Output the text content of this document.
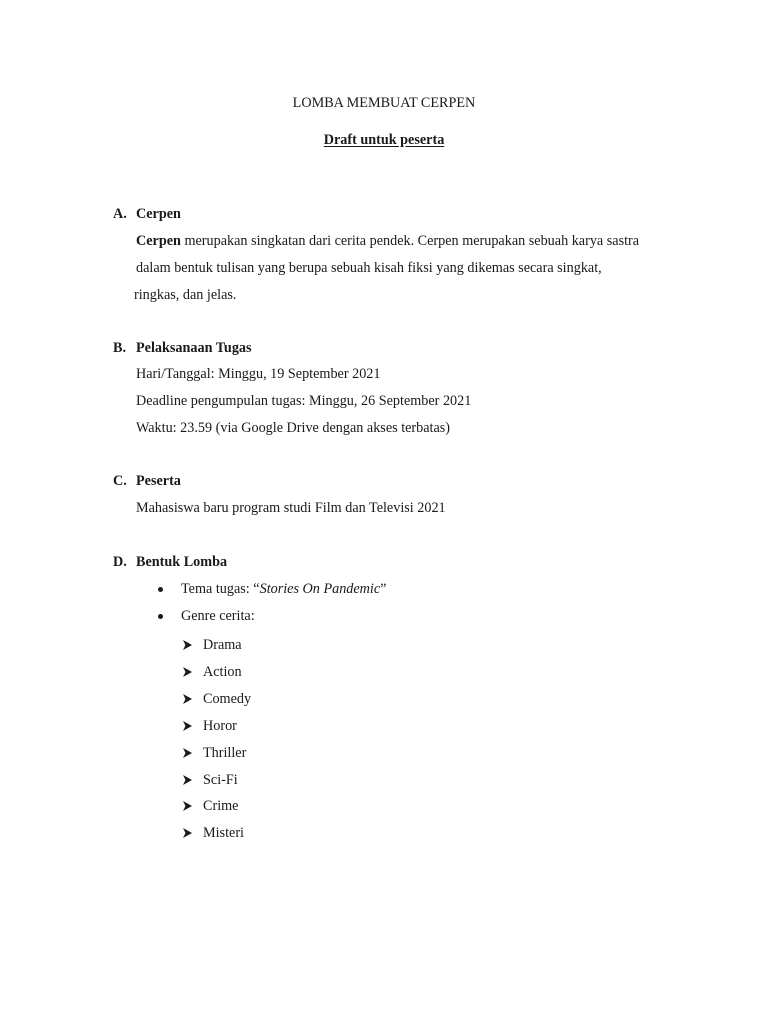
LOMBA MEMBUAT CERPEN
Draft untuk peserta
A. Cerpen
Cerpen merupakan singkatan dari cerita pendek. Cerpen merupakan sebuah karya sastra
dalam bentuk tulisan yang berupa sebuah kisah fiksi yang dikemas secara singkat,
ringkas, dan jelas.
B. Pelaksanaan Tugas
Hari/Tanggal: Minggu, 19 September 2021
Deadline pengumpulan tugas: Minggu, 26 September 2021
Waktu: 23.59 (via Google Drive dengan akses terbatas)
C. Peserta
Mahasiswa baru program studi Film dan Televisi 2021
D. Bentuk Lomba
Tema tugas: “Stories On Pandemic”
Genre cerita:
Drama
Action
Comedy
Horor
Thriller
Sci-Fi
Crime
Misteri
